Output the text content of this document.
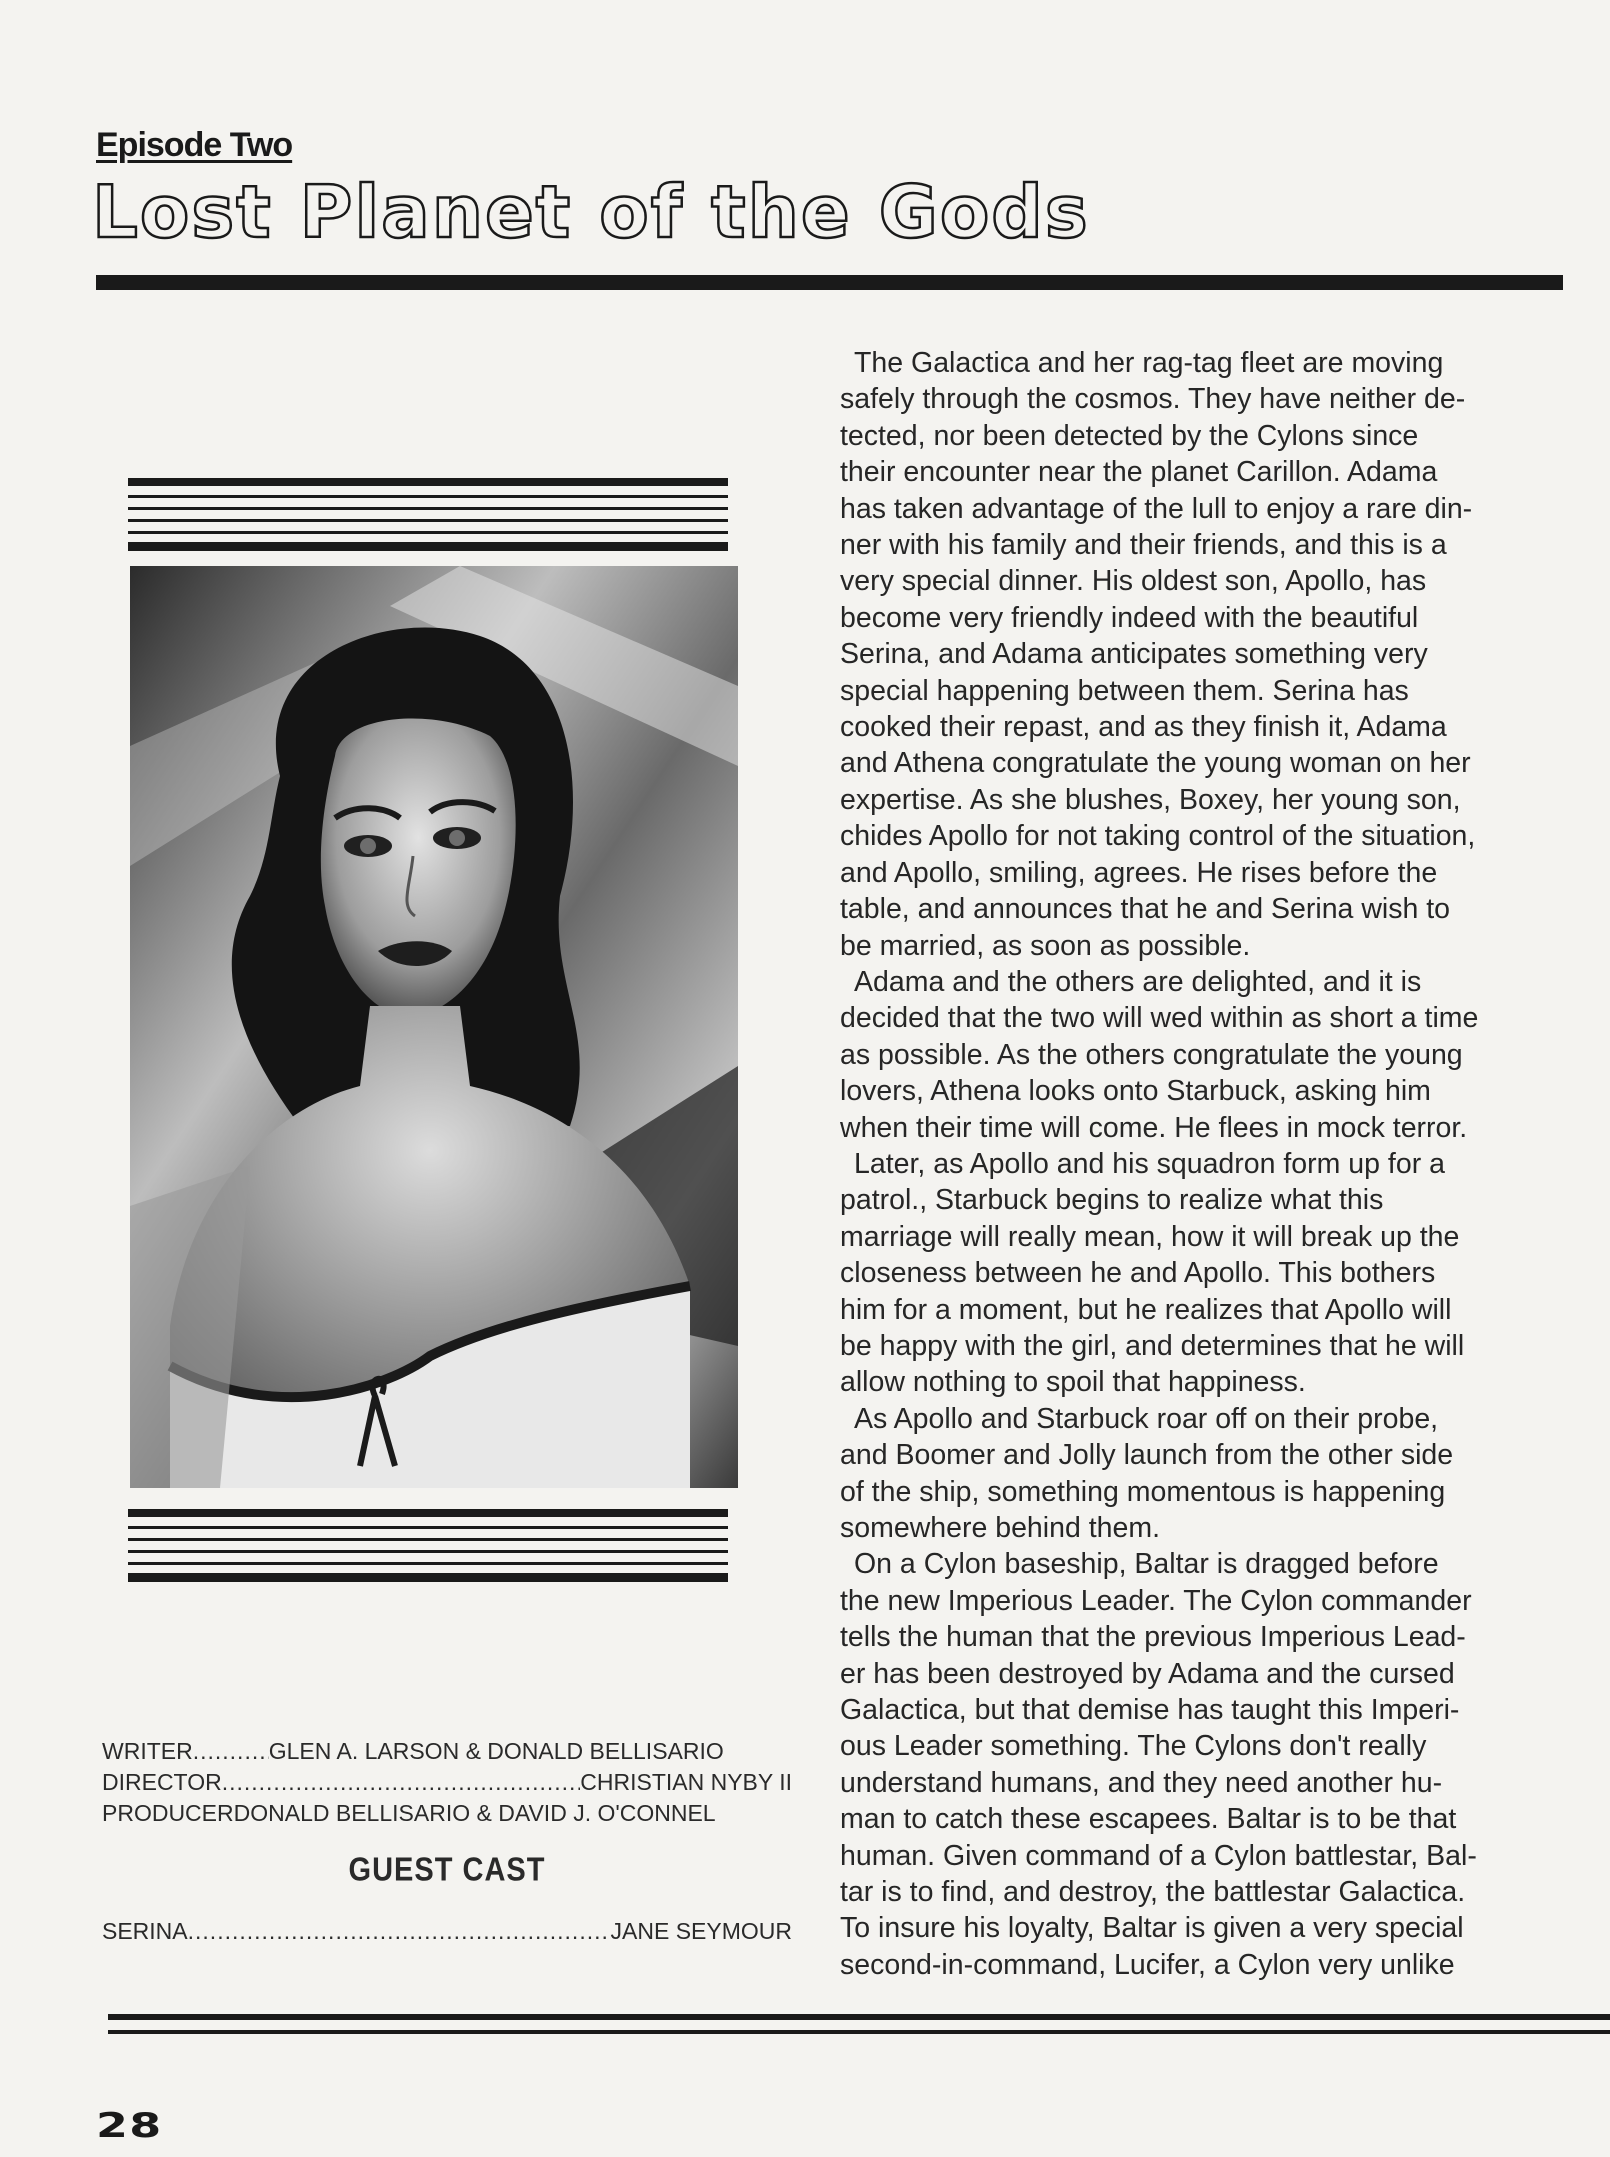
Episode Two
Lost Planet of the Gods
WRITER .....	GLEN A. LARSON & DONALD BELLISARIO
DIRECTOR .....	CHRISTIAN NYBY II
PRODUCER DONALD BELLISARIO & DAVID J. O'CONNEL
GUEST CAST
SERINA .....	JANE SEYMOUR
The Galactica and her rag-tag fleet are moving
safely through the cosmos. They have neither de-
tected, nor been detected by the Cylons since
their encounter near the planet Carillon. Adama
has taken advantage of the lull to enjoy a rare din-
ner with his family and their friends, and this is a
very special dinner. His oldest son, Apollo, has
become very friendly indeed with the beautiful
Serina, and Adama anticipates something very
special happening between them. Serina has
cooked their repast, and as they finish it, Adama
and Athena congratulate the young woman on her
expertise. As she blushes, Boxey, her young son,
chides Apollo for not taking control of the situation,
and Apollo, smiling, agrees. He rises before the
table, and announces that he and Serina wish to
be married, as soon as possible.
Adama and the others are delighted, and it is
decided that the two will wed within as short a time
as possible. As the others congratulate the young
lovers, Athena looks onto Starbuck, asking him
when their time will come. He flees in mock terror.
Later, as Apollo and his squadron form up for a
patrol., Starbuck begins to realize what this
marriage will really mean, how it will break up the
closeness between he and Apollo. This bothers
him for a moment, but he realizes that Apollo will
be happy with the girl, and determines that he will
allow nothing to spoil that happiness.
As Apollo and Starbuck roar off on their probe,
and Boomer and Jolly launch from the other side
of the ship, something momentous is happening
somewhere behind them.
On a Cylon baseship, Baltar is dragged before
the new Imperious Leader. The Cylon commander
tells the human that the previous Imperious Lead-
er has been destroyed by Adama and the cursed
Galactica, but that demise has taught this Imperi-
ous Leader something. The Cylons don't really
understand humans, and they need another hu-
man to catch these escapees. Baltar is to be that
human. Given command of a Cylon battlestar, Bal-
tar is to find, and destroy, the battlestar Galactica.
To insure his loyalty, Baltar is given a very special
second-in-command, Lucifer, a Cylon very unlike
28
